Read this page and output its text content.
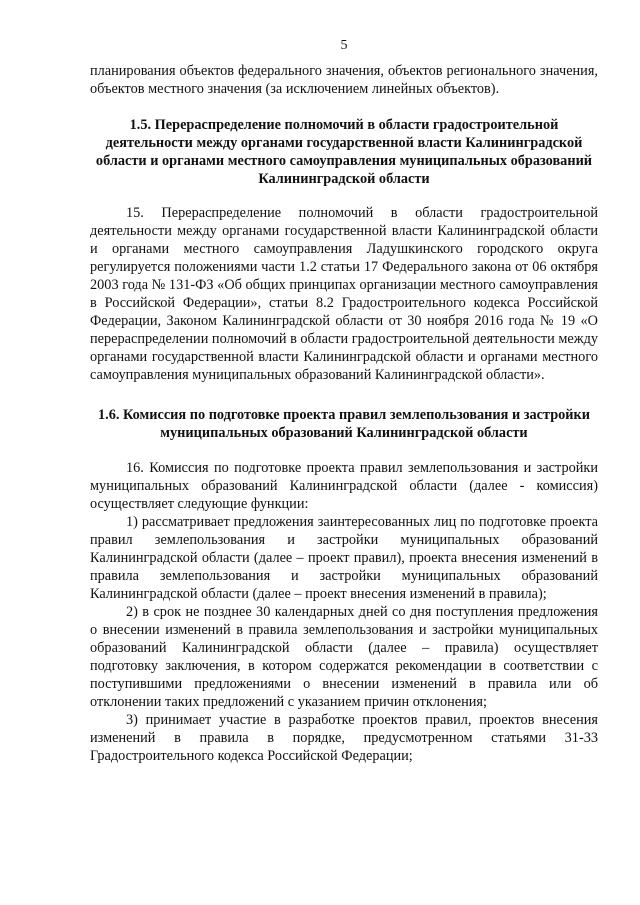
5

планирования объектов федерального значения, объектов регионального значения, объектов местного значения (за исключением линейных объектов).

1.5. Перераспределение полномочий в области градостроительной деятельности между органами государственной власти Калининградской области и органами местного самоуправления муниципальных образований Калининградской области

15. Перераспределение полномочий в области градостроительной деятельности между органами государственной власти Калининградской области и органами местного самоуправления Ладушкинского городского округа регулируется положениями части 1.2 статьи 17 Федерального закона от 06 октября 2003 года № 131-ФЗ «Об общих принципах организации местного самоуправления в Российской Федерации», статьи 8.2 Градостроительного кодекса Российской Федерации, Законом Калининградской области от 30 ноября 2016 года № 19 «О перераспределении полномочий в области градостроительной деятельности между органами государственной власти Калининградской области и органами местного самоуправления муниципальных образований Калининградской области».

1.6. Комиссия по подготовке проекта правил землепользования и застройки муниципальных образований Калининградской области

16. Комиссия по подготовке проекта правил землепользования и застройки муниципальных образований Калининградской области (далее - комиссия) осуществляет следующие функции:

1) рассматривает предложения заинтересованных лиц по подготовке проекта правил землепользования и застройки муниципальных образований Калининградской области (далее – проект правил), проекта внесения изменений в правила землепользования и застройки муниципальных образований Калининградской области (далее – проект внесения изменений в правила);

2) в срок не позднее 30 календарных дней со дня поступления предложения о внесении изменений в правила землепользования и застройки муниципальных образований Калининградской области (далее – правила) осуществляет подготовку заключения, в котором содержатся рекомендации в соответствии с поступившими предложениями о внесении изменений в правила или об отклонении таких предложений с указанием причин отклонения;

3) принимает участие в разработке проектов правил, проектов внесения изменений в правила в порядке, предусмотренном статьями 31-33 Градостроительного кодекса Российской Федерации;
